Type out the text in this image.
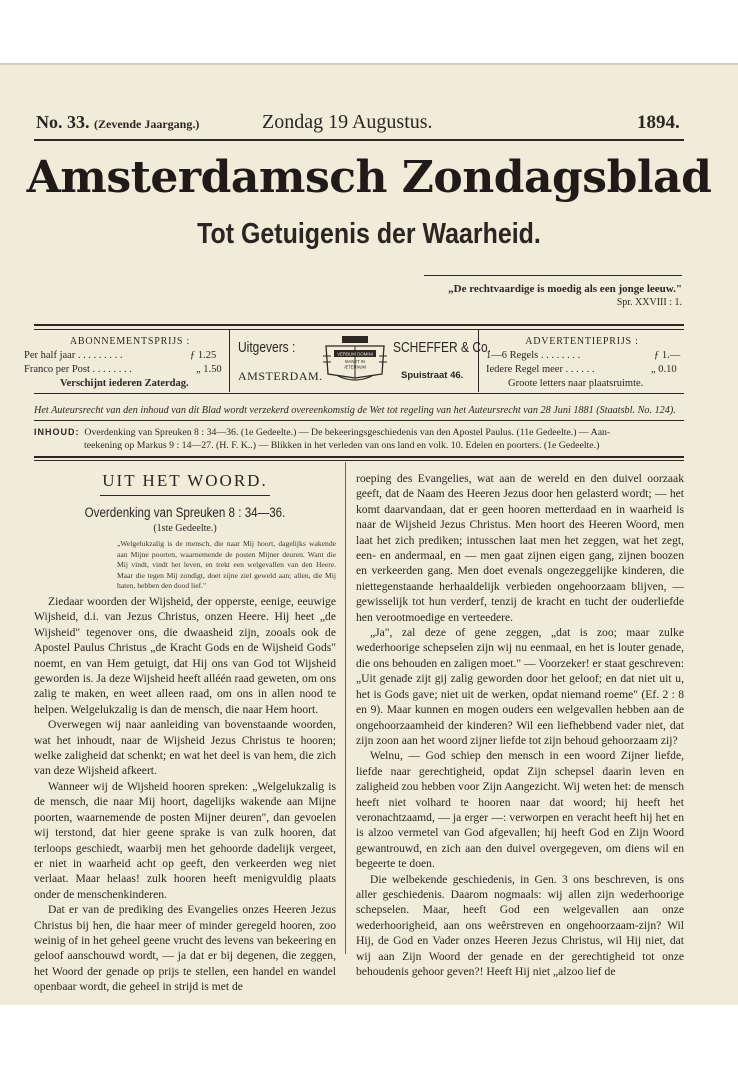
No. 33. (Zevende Jaargang.)	Zondag 19 Augustus.	1894.
Amsterdamsch Zondagsblad
Tot Getuigenis der Waarheid.
„De rechtvaardige is moedig als een jonge leeuw."
Spr. XXVIII : 1.
ABONNEMENTSPRIJS :
Per half jaar . . . . . . . . .	ƒ 1.25
Franco per Post . . . . . . . .	„ 1.50
Verschijnt iederen Zaterdag.
Uitgevers :
AMSTERDAM.
VERBUM DOMINI
MANET IN
ÆTERNUM
SCHEFFER & Co.
Spuistraat 46.
ADVERTENTIEPRIJS :
1—6 Regels . . . . . . . .	ƒ 1.—
Iedere Regel meer . . . . . .	„ 0.10
Groote letters naar plaatsruimte.
Het Auteursrecht van den inhoud van dit Blad wordt verzekerd overeenkomstig de Wet tot regeling van het Auteursrecht van 28 Juni 1881 (Staatsbl. No. 124).
INHOUD: Overdenking van Spreuken 8 : 34—36. (1e Gedeelte.) — De bekeeringsgeschiedenis van den Apostel Paulus. (11e Gedeelte.) — Aan-
teekening op Markus 9 : 14—27. (H. F. K..) — Blikken in het verleden van ons land en volk. 10. Edelen en poorters. (1e Gedeelte.)
UIT HET WOORD.
Overdenking van Spreuken 8 : 34—36.
(1ste Gedeelte.)
„Welgelukzalig is de mensch, die naar Mij hoort, dagelijks wakende aan Mijne poorten, waarnemende de posten Mijner deuren. Want die Mij vindt, vindt het leven, en trekt een welgevallen van den Heere. Maar die tegen Mij zondigt, doet zijne ziel geweld aan; allen, die Mij haten, hebben den dood lief."

Ziedaar woorden der Wijsheid, der opperste, eenige, eeuwige Wijsheid, d.i. van Jezus Christus, onzen Heere. Hij heet „de Wijsheid" tegenover ons, die dwaasheid zijn, zooals ook de Apostel Paulus Christus „de Kracht Gods en de Wijsheid Gods" noemt, en van Hem getuigt, dat Hij ons van God tot Wijsheid geworden is. Ja deze Wijsheid heeft alléén raad geweten, om ons zalig te maken, en weet alleen raad, om ons in allen nood te helpen. Welgelukzalig is dan de mensch, die naar Hem hoort.

Overwegen wij naar aanleiding van bovenstaande woorden, wat het inhoudt, naar de Wijsheid Jezus Christus te hooren; welke zaligheid dat schenkt; en wat het deel is van hem, die zich van deze Wijsheid afkeert.

Wanneer wij de Wijsheid hooren spreken: „Welgelukzalig is de mensch, die naar Mij hoort, dagelijks wakende aan Mijne poorten, waarnemende de posten Mijner deuren", dan gevoelen wij terstond, dat hier geene sprake is van zulk hooren, dat terloops geschiedt, waarbij men het gehoorde dadelijk vergeet, er niet in waarheid acht op geeft, den verkeerden weg niet verlaat. Maar helaas! zulk hooren heeft menigvuldig plaats onder de menschenkinderen.

Dat er van de prediking des Evangelies onzes Heeren Jezus Christus bij hen, die haar meer of minder geregeld hooren, zoo weinig of in het geheel geene vrucht des levens van bekeering en geloof aanschouwd wordt, — ja dat er bij degenen, die zeggen, het Woord der genade op prijs te stellen, een handel en wandel openbaar wordt, die geheel in strijd is met de

roeping des Evangelies, wat aan de wereld en den duivel oorzaak geeft, dat de Naam des Heeren Jezus door hen gelasterd wordt; — het komt daarvandaan, dat er geen hooren metterdaad en in waarheid is naar de Wijsheid Jezus Christus. Men hoort des Heeren Woord, men laat het zich prediken; intusschen laat men het zeggen, wat het zegt, een- en andermaal, en — men gaat zijnen eigen gang, zijnen boozen en verkeerden gang. Men doet evenals ongezeggelijke kinderen, die niettegenstaande herhaaldelijk verbieden ongehoorzaam blijven, — gewisselijk tot hun verderf, tenzij de kracht en tucht der ouderliefde hen verootmoedige en verteedere.

„Ja", zal deze of gene zeggen, „dat is zoo; maar zulke wederhoorige schepselen zijn wij nu eenmaal, en het is louter genade, die ons behouden en zaligen moet." — Voorzeker! er staat geschreven: „Uit genade zijt gij zalig geworden door het geloof; en dat niet uit u, het is Gods gave; niet uit de werken, opdat niemand roeme" (Ef. 2 : 8 en 9). Maar kunnen en mogen ouders een welgevallen hebben aan de ongehoorzaamheid der kinderen? Wil een liefhebbend vader niet, dat zijn zoon aan het woord zijner liefde tot zijn behoud gehoorzaam zij?

Welnu, — God schiep den mensch in een woord Zijner liefde, liefde naar gerechtigheid, opdat Zijn schepsel daarin leven en zaligheid zou hebben voor Zijn Aangezicht. Wij weten het: de mensch heeft niet volhard te hooren naar dat woord; hij heeft het veronachtzaamd, — ja erger —: verworpen en veracht heeft hij het en is alzoo vermetel van God afgevallen; hij heeft God en Zijn Woord gewantrouwd, en zich aan den duivel overgegeven, om diens wil en begeerte te doen.

Die welbekende geschiedenis, in Gen. 3 ons beschreven, is ons aller geschiedenis. Daarom nogmaals: wij allen zijn wederhoorige schepselen. Maar, heeft God een welgevallen aan onze wederhoorigheid, aan ons weêrstreven en ongehoorzaam-zijn? Wil Hij, de God en Vader onzes Heeren Jezus Christus, wil Hij niet, dat wij aan Zijn Woord der genade en der gerechtigheid tot onze behoudenis gehoor geven?! Heeft Hij niet „alzoo lief de
